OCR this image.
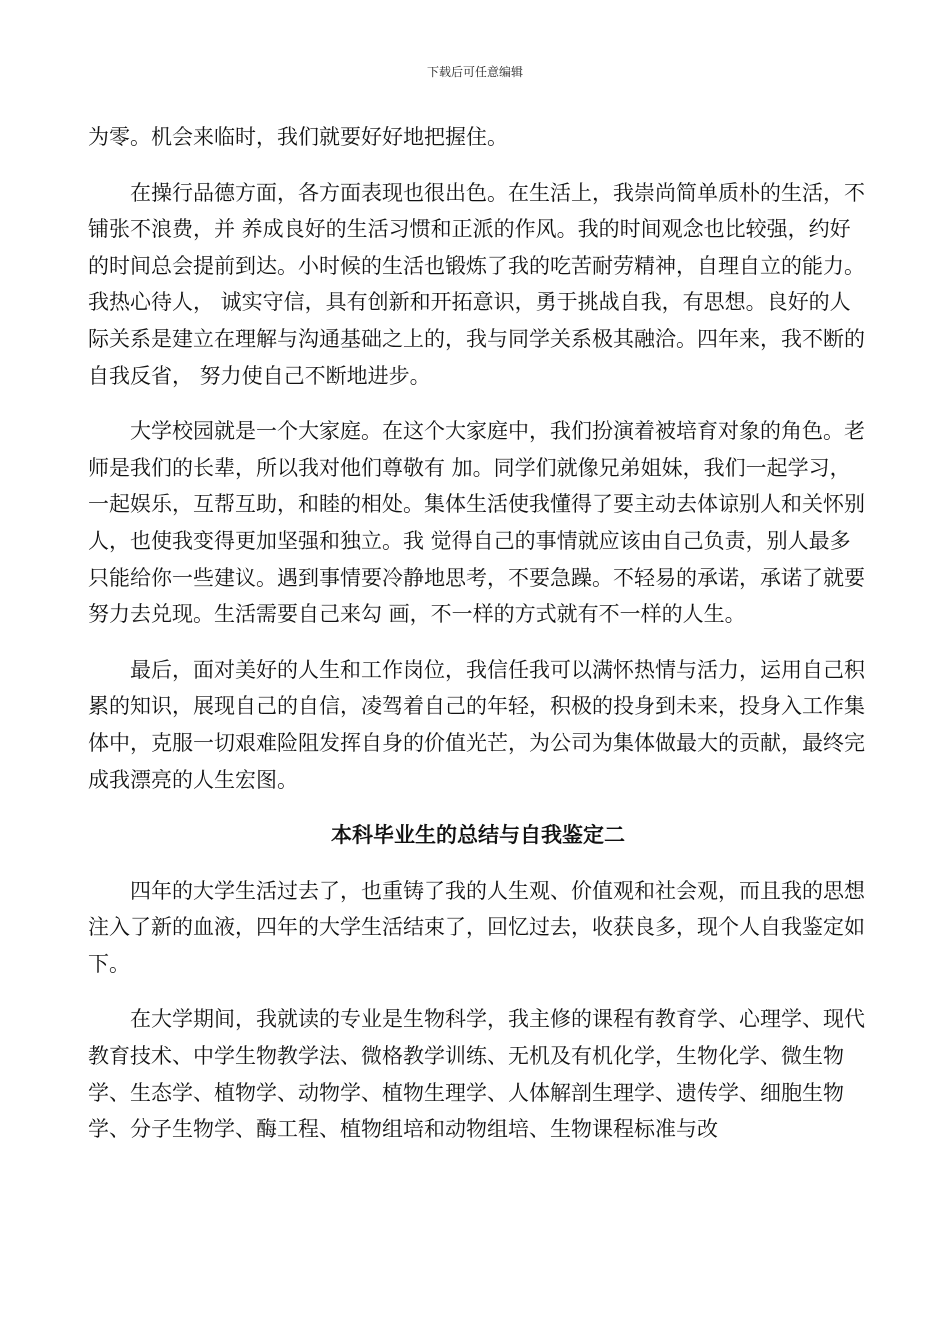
下载后可任意编辑

为零。机会来临时，我们就要好好地把握住。

在操行品德方面，各方面表现也很出色。在生活上，我崇尚简单质朴的生活，不铺张不浪费，并 养成良好的生活习惯和正派的作风。我的时间观念也比较强，约好的时间总会提前到达。小时候的生活也锻炼了我的吃苦耐劳精神，自理自立的能力。我热心待人， 诚实守信，具有创新和开拓意识，勇于挑战自我，有思想。良好的人际关系是建立在理解与沟通基础之上的，我与同学关系极其融洽。四年来，我不断的自我反省， 努力使自己不断地进步。

大学校园就是一个大家庭。在这个大家庭中，我们扮演着被培育对象的角色。老师是我们的长辈，所以我对他们尊敬有 加。同学们就像兄弟姐妹，我们一起学习，一起娱乐，互帮互助，和睦的相处。集体生活使我懂得了要主动去体谅别人和关怀别人，也使我变得更加坚强和独立。我 觉得自己的事情就应该由自己负责，别人最多只能给你一些建议。遇到事情要冷静地思考，不要急躁。不轻易的承诺，承诺了就要努力去兑现。生活需要自己来勾 画，不一样的方式就有不一样的人生。

最后，面对美好的人生和工作岗位，我信任我可以满怀热情与活力，运用自己积累的知识，展现自己的自信，凌驾着自己的年轻，积极的投身到未来，投身入工作集体中，克服一切艰难险阻发挥自身的价值光芒，为公司为集体做最大的贡献，最终完成我漂亮的人生宏图。

本科毕业生的总结与自我鉴定二

四年的大学生活过去了，也重铸了我的人生观、价值观和社会观，而且我的思想注入了新的血液，四年的大学生活结束了，回忆过去，收获良多，现个人自我鉴定如下。

在大学期间，我就读的专业是生物科学，我主修的课程有教育学、心理学、现代教育技术、中学生物教学法、微格教学训练、无机及有机化学，生物化学、微生物学、生态学、植物学、动物学、植物生理学、人体解剖生理学、遗传学、细胞生物学、分子生物学、酶工程、植物组培和动物组培、生物课程标准与改
